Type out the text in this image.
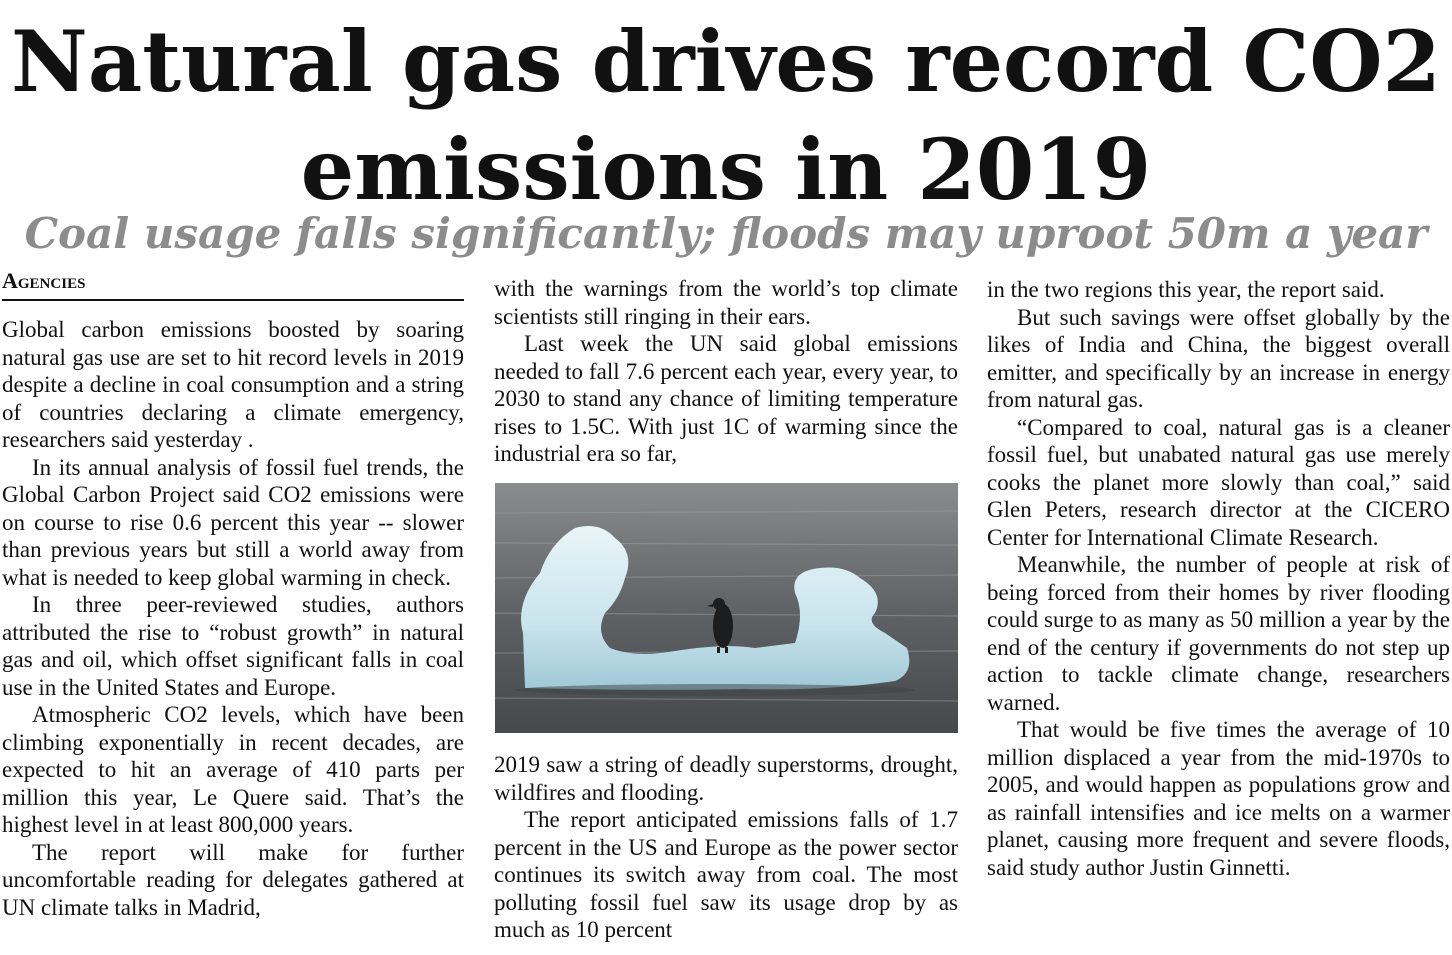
Natural gas drives record CO2 emissions in 2019
Coal usage falls significantly; floods may uproot 50m a year
Agencies

Global carbon emissions boosted by soaring natural gas use are set to hit record levels in 2019 despite a decline in coal consumption and a string of countries declaring a climate emergency, researchers said yesterday .

In its annual analysis of fossil fuel trends, the Global Carbon Project said CO2 emissions were on course to rise 0.6 percent this year -- slower than previous years but still a world away from what is needed to keep global warming in check.

In three peer-reviewed studies, authors attributed the rise to “robust growth” in natural gas and oil, which offset significant falls in coal use in the United States and Europe.

Atmospheric CO2 levels, which have been climbing exponentially in recent decades, are expected to hit an average of 410 parts per million this year, Le Quere said. That’s the highest level in at least 800,000 years.

The report will make for further uncomfortable reading for delegates gathered at UN climate talks in Madrid,

with the warnings from the world’s top climate scientists still ringing in their ears.

Last week the UN said global emissions needed to fall 7.6 percent each year, every year, to 2030 to stand any chance of limiting temperature rises to 1.5C. With just 1C of warming since the industrial era so far,

2019 saw a string of deadly superstorms, drought, wildfires and flooding.

The report anticipated emissions falls of 1.7 percent in the US and Europe as the power sector continues its switch away from coal. The most polluting fossil fuel saw its usage drop by as much as 10 percent

in the two regions this year, the report said.

But such savings were offset globally by the likes of India and China, the biggest overall emitter, and specifically by an increase in energy from natural gas.

“Compared to coal, natural gas is a cleaner fossil fuel, but unabated natural gas use merely cooks the planet more slowly than coal,” said Glen Peters, research director at the CICERO Center for International Climate Research.

Meanwhile, the number of people at risk of being forced from their homes by river flooding could surge to as many as 50 million a year by the end of the century if governments do not step up action to tackle climate change, researchers warned.

That would be five times the average of 10 million displaced a year from the mid-1970s to 2005, and would happen as populations grow and as rainfall intensifies and ice melts on a warmer planet, causing more frequent and severe floods, said study author Justin Ginnetti.
